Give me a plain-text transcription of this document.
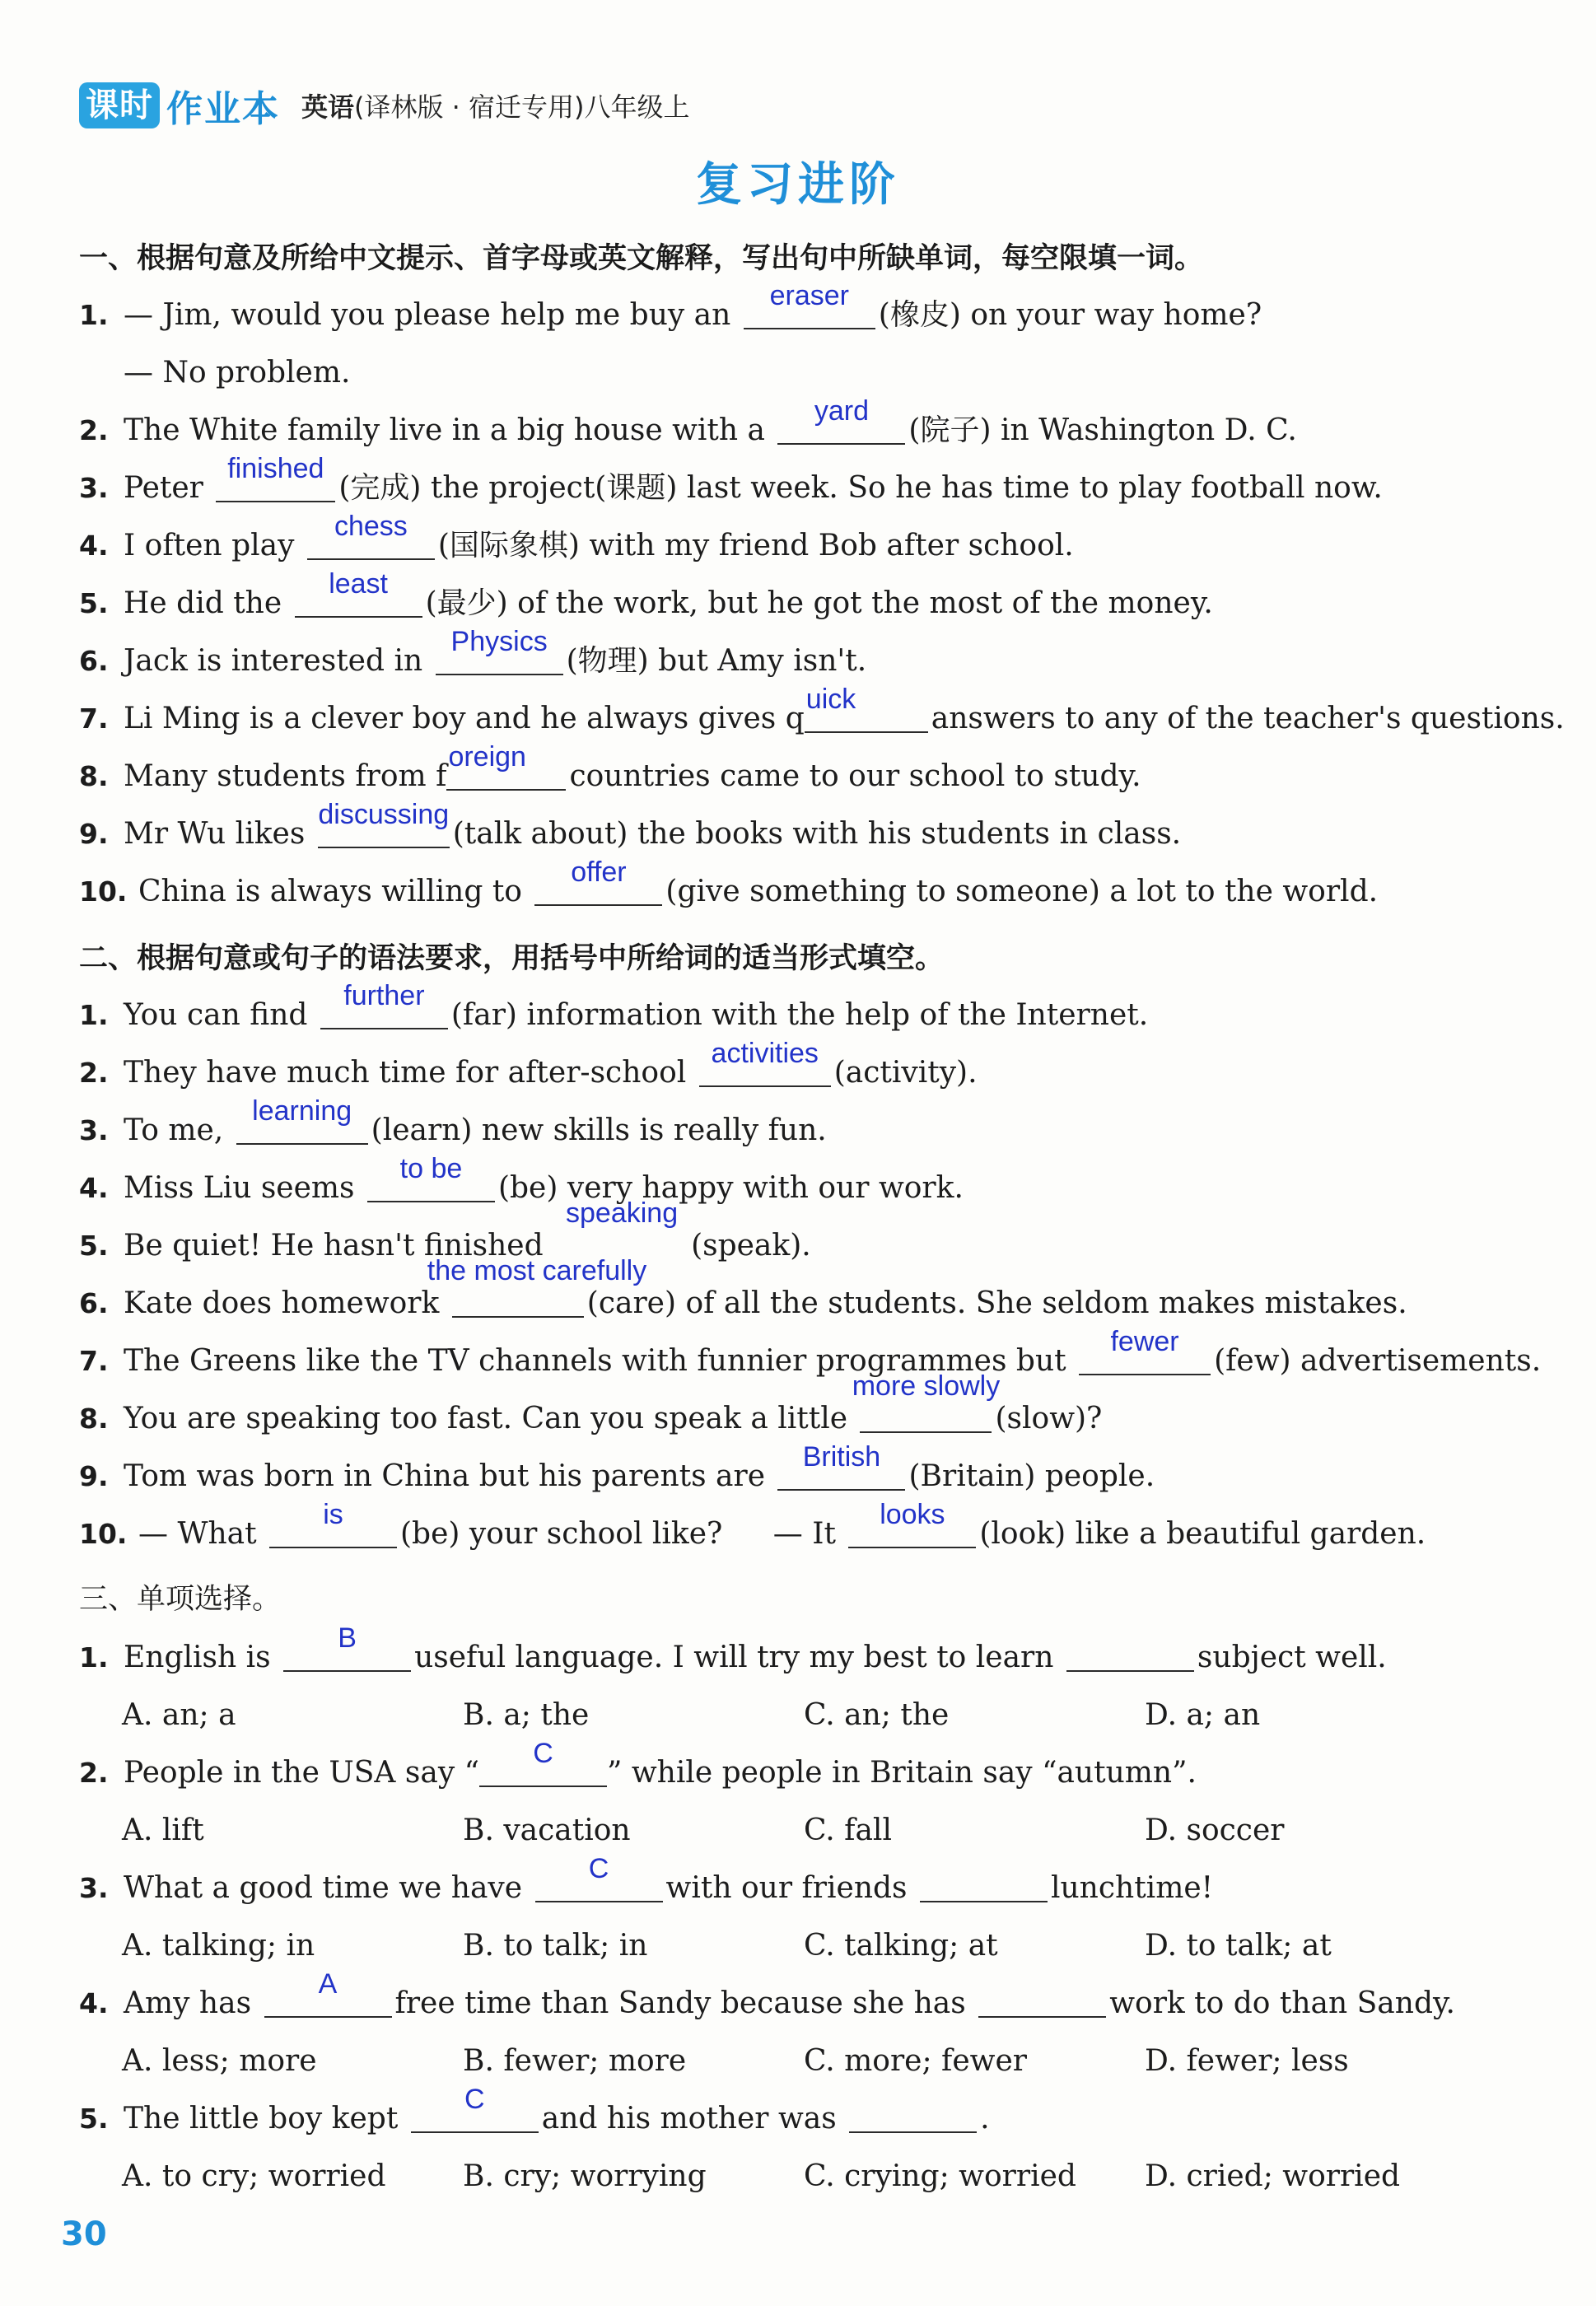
课时 作业本 英语(译林版 · 宿迁专用)八年级上
复习进阶
一、根据句意及所给中文提示、首字母或英文解释，写出句中所缺单词，每空限填一词。
1. — Jim, would you please help me buy an
eraser
(橡皮) on your way home?
— No problem.
2. The White family live in a big house with a
yard
(院子) in Washington D. C.
3. Peter
finished
(完成) the project(课题) last week. So he has time to play football now.
4. I often play
chess
(国际象棋) with my friend Bob after school.
5. He did the
least
(最少) of the work, but he got the most of the money.
6. Jack is interested in
Physics
(物理) but Amy isn't.
7. Li Ming is a clever boy and he always gives q
uick
answers to any of the teacher's questions.
8. Many students from f
oreign
countries came to our school to study.
9. Mr Wu likes
discussing
(talk about) the books with his students in class.
10. China is always willing to
offer
(give something to someone) a lot to the world.
二、根据句意或句子的语法要求，用括号中所给词的适当形式填空。
1. You can find
further
(far) information with the help of the Internet.
2. They have much time for after-school
activities
(activity).
3. To me,
learning
(learn) new skills is really fun.
4. Miss Liu seems
to be
(be) very happy with our work.
5. Be quiet! He hasn't finished
speaking
(speak).
6. Kate does homework
the most carefully
(care) of all the students. She seldom makes mistakes.
7. The Greens like the TV channels with funnier programmes but
fewer
(few) advertisements.
8. You are speaking too fast. Can you speak a little
more slowly
(slow)?
9. Tom was born in China but his parents are
British
(Britain) people.
10. — What
is
(be) your school like? — It
looks
(look) like a beautiful garden.
三、单项选择。
1. English is
B
useful language. I will try my best to learn	subject well.
A. an; a	B. a; the	C. an; the	D. a; an
2. People in the USA say “
C
” while people in Britain say “autumn”.
A. lift	B. vacation	C. fall	D. soccer
3. What a good time we have
C
with our friends	lunchtime!
A. talking; in	B. to talk; in	C. talking; at	D. to talk; at
4. Amy has
A
free time than Sandy because she has	work to do than Sandy.
A. less; more	B. fewer; more	C. more; fewer	D. fewer; less
5. The little boy kept
C
and his mother was	.
A. to cry; worried	B. cry; worrying	C. crying; worried D. cried; worried
30
